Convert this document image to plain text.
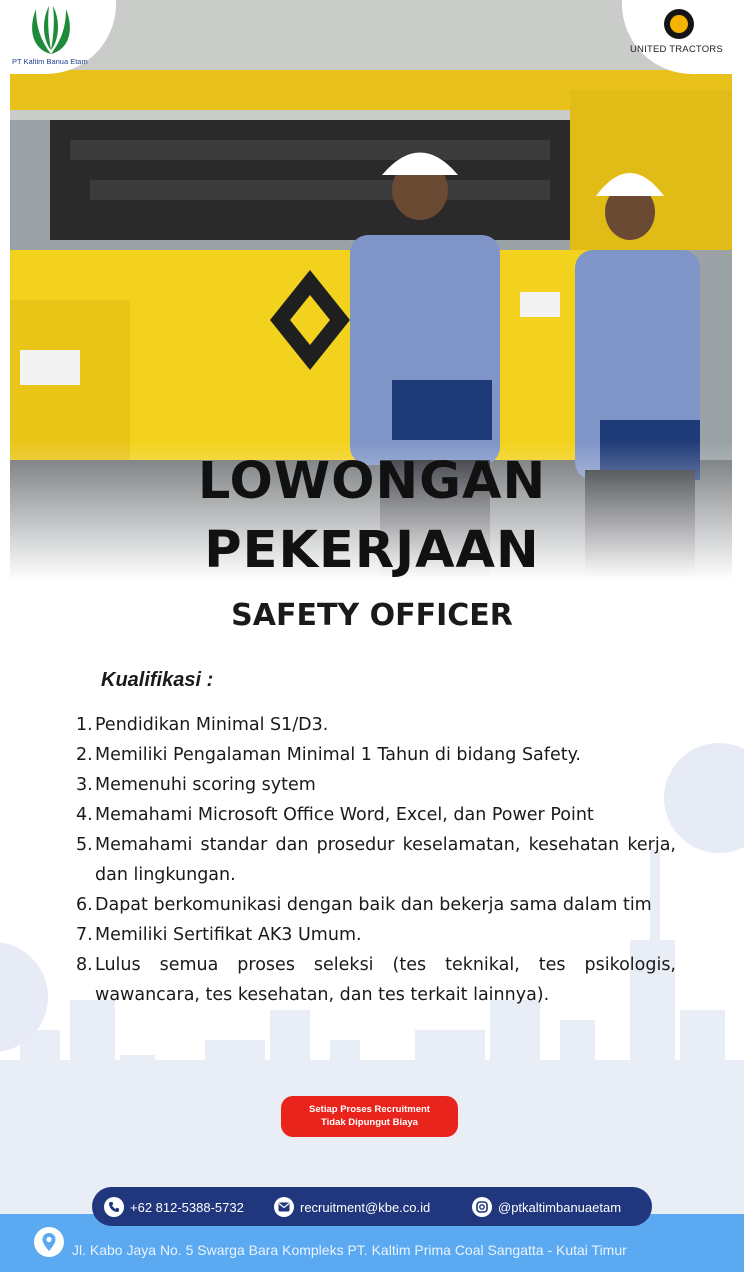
PT Kaltim Banua Etam
UNITED TRACTORS
LOWONGAN
PEKERJAAN
SAFETY OFFICER
Kualifikasi :
1. Pendidikan Minimal S1/D3.
2. Memiliki Pengalaman Minimal 1 Tahun di bidang Safety.
3. Memenuhi scoring sytem
4. Memahami Microsoft Office Word, Excel, dan Power Point
5. Memahami standar dan prosedur keselamatan, kesehatan kerja, dan lingkungan.
6. Dapat berkomunikasi dengan baik dan bekerja sama dalam tim
7. Memiliki Sertifikat AK3 Umum.
8. Lulus semua proses seleksi (tes teknikal, tes psikologis, wawancara, tes kesehatan, dan tes terkait lainnya).
Setiap Proses Recruitment
Tidak Dipungut Biaya
Jl. Kabo Jaya No. 5 Swarga Bara Kompleks PT. Kaltim Prima Coal Sangatta - Kutai Timur
+62 812-5388-5732	recruitment@kbe.co.id	@ptkaltimbanuaetam
